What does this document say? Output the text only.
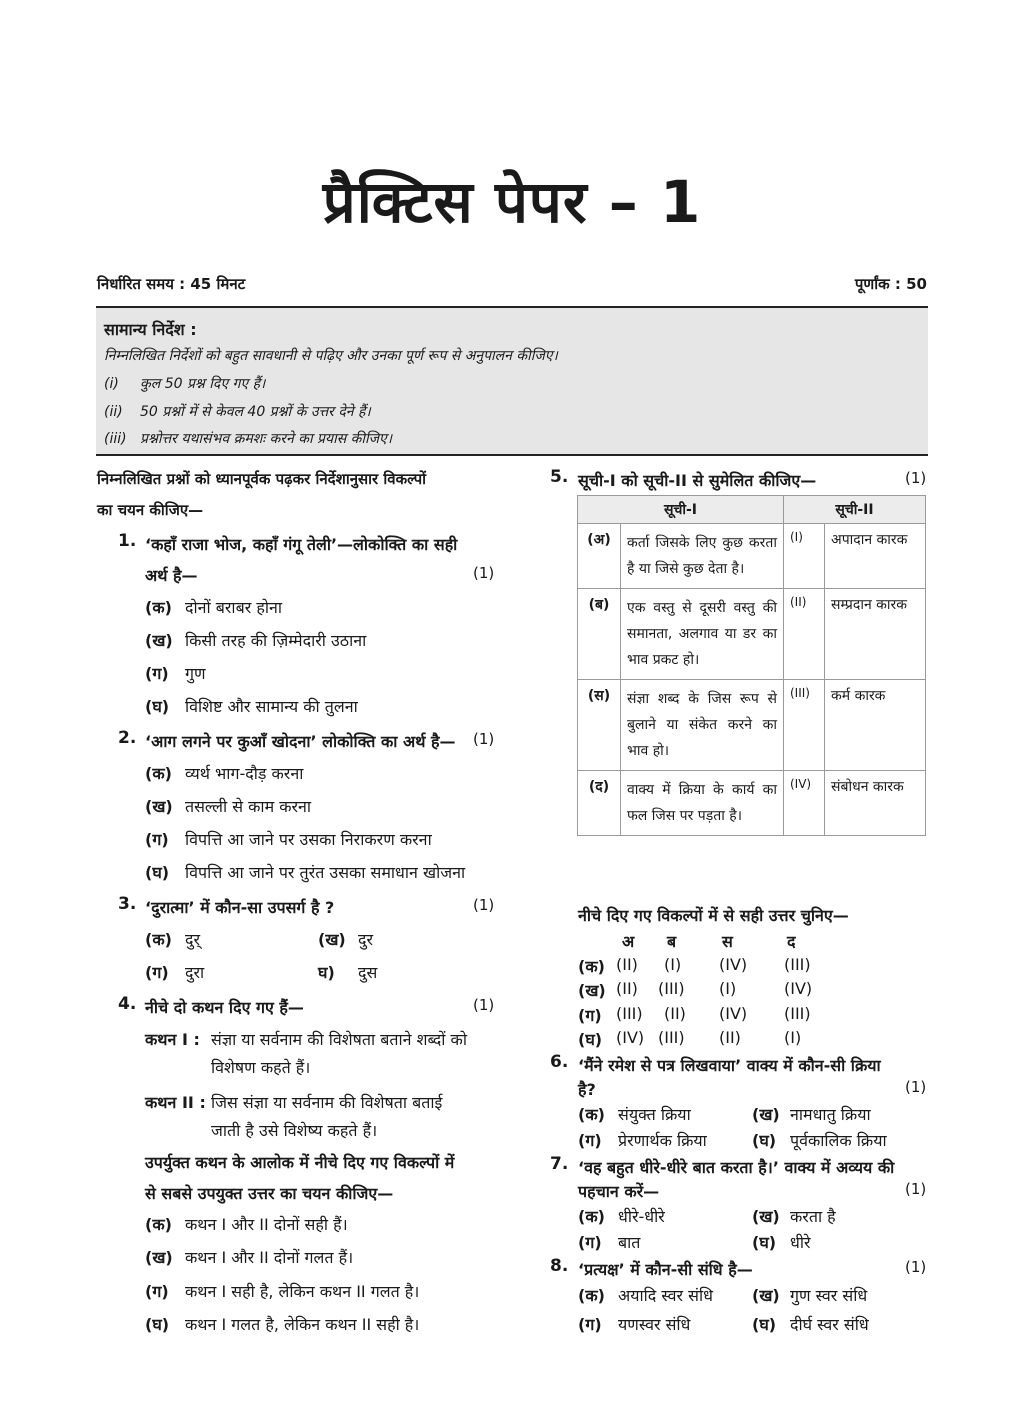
प्रैक्टिस पेपर – 1
निर्धारित समय : 45 मिनट	पूर्णांक : 50
सामान्य निर्देश :
निम्नलिखित निर्देशों को बहुत सावधानी से पढ़िए और उनका पूर्ण रूप से अनुपालन कीजिए।
(i) कुल 50 प्रश्न दिए गए हैं।
(ii) 50 प्रश्नों में से केवल 40 प्रश्नों के उत्तर देने हैं।
(iii) प्रश्नोत्तर यथासंभव क्रमशः करने का प्रयास कीजिए।
निम्नलिखित प्रश्नों को ध्यानपूर्वक पढ़कर निर्देशानुसार विकल्पों
का चयन कीजिए—
1. ‘कहाँ राजा भोज, कहाँ गंगू तेली’—लोकोक्ति का सही
अर्थ है—	(1)
(क) दोनों बराबर होना
(ख) किसी तरह की ज़िम्मेदारी उठाना
(ग) गुण
(घ) विशिष्ट और सामान्य की तुलना
2. ‘आग लगने पर कुआँ खोदना’ लोकोक्ति का अर्थ है— (1)
(क) व्यर्थ भाग-दौड़ करना
(ख) तसल्ली से काम करना
(ग) विपत्ति आ जाने पर उसका निराकरण करना
(घ) विपत्ति आ जाने पर तुरंत उसका समाधान खोजना
3. ‘दुरात्मा’ में कौन-सा उपसर्ग है ?	(1)
(क) दुर्	(ख) दुर
(ग) दुरा	घ) दुस
4. नीचे दो कथन दिए गए हैं—	(1)
कथन I : संज्ञा या सर्वनाम की विशेषता बताने शब्दों को
विशेषण कहते हैं।
कथन II : जिस संज्ञा या सर्वनाम की विशेषता बताई
जाती है उसे विशेष्य कहते हैं।
उपर्युक्त कथन के आलोक में नीचे दिए गए विकल्पों में
से सबसे उपयुक्त उत्तर का चयन कीजिए—
(क) कथन I और II दोनों सही हैं।
(ख) कथन I और II दोनों गलत हैं।
(ग) कथन I सही है, लेकिन कथन II गलत है।
(घ) कथन I गलत है, लेकिन कथन II सही है।
5. सूची-I को सूची-II से सुमेलित कीजिए—	(1)
सूची-I		सूची-II	
(अ)	कर्ता जिसके लिए कुछ करता है या जिसे कुछ देता है।	(I)	अपादान कारक
(ब)	एक वस्तु से दूसरी वस्तु की समानता, अलगाव या डर का भाव प्रकट हो।	(II)	सम्प्रदान कारक
(स)	संज्ञा शब्द के जिस रूप से बुलाने या संकेत करने का भाव हो।	(III)	कर्म कारक
(द)	वाक्य में क्रिया के कार्य का फल जिस पर पड़ता है।	(IV)	संबोधन कारक
नीचे दिए गए विकल्पों में से सही उत्तर चुनिए—
अ ब	स	द
(क) (II) (I) (IV) (III)
(ख) (II) (III) (I)	(IV)
(ग) (III) (II) (IV) (III)
(घ) (IV) (III) (II)	(I)
6. ‘मैंने रमेश से पत्र लिखवाया’ वाक्य में कौन-सी क्रिया
है?	(1)
(क) संयुक्त क्रिया	(ख) नामधातु क्रिया
(ग) प्रेरणार्थक क्रिया	(घ) पूर्वकालिक क्रिया
7. ‘वह बहुत धीरे-धीरे बात करता है।’ वाक्य में अव्यय की
पहचान करें—	(1)
(क) धीरे-धीरे	(ख) करता है
(ग) बात	(घ) धीरे
8. ‘प्रत्यक्ष’ में कौन-सी संधि है—	(1)
(क) अयादि स्वर संधि (ख) गुण स्वर संधि
(ग) यणस्वर संधि	(घ) दीर्घ स्वर संधि
